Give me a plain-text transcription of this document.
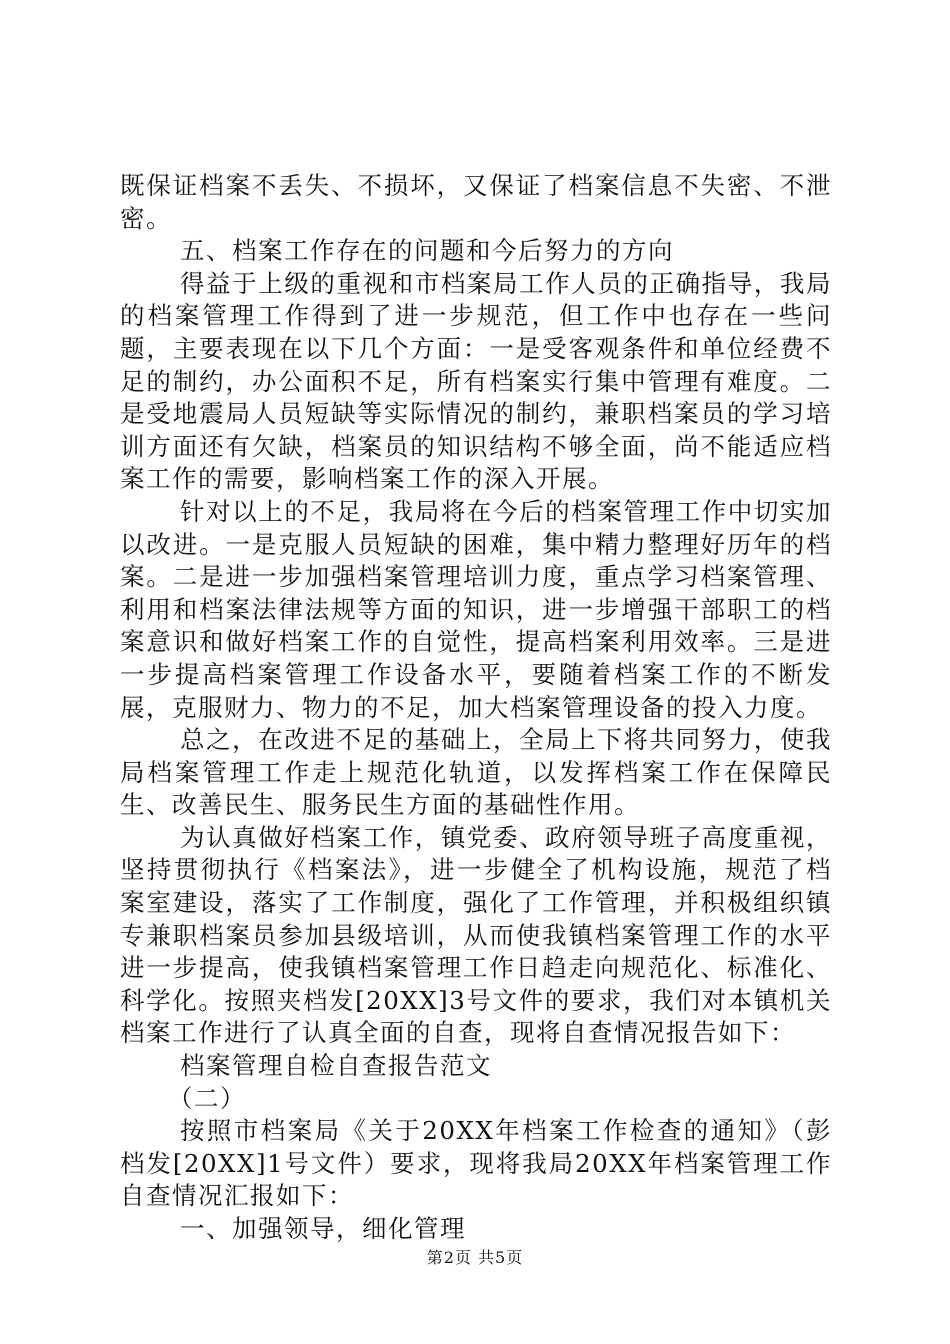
既保证档案不丢失、不损坏，又保证了档案信息不失密、不泄密。

五、档案工作存在的问题和今后努力的方向

得益于上级的重视和市档案局工作人员的正确指导，我局的档案管理工作得到了进一步规范，但工作中也存在一些问题，主要表现在以下几个方面：一是受客观条件和单位经费不足的制约，办公面积不足，所有档案实行集中管理有难度。二是受地震局人员短缺等实际情况的制约，兼职档案员的学习培训方面还有欠缺，档案员的知识结构不够全面，尚不能适应档案工作的需要，影响档案工作的深入开展。

针对以上的不足，我局将在今后的档案管理工作中切实加以改进。一是克服人员短缺的困难，集中精力整理好历年的档案。二是进一步加强档案管理培训力度，重点学习档案管理、利用和档案法律法规等方面的知识，进一步增强干部职工的档案意识和做好档案工作的自觉性，提高档案利用效率。三是进一步提高档案管理工作设备水平，要随着档案工作的不断发展，克服财力、物力的不足，加大档案管理设备的投入力度。

总之，在改进不足的基础上，全局上下将共同努力，使我局档案管理工作走上规范化轨道，以发挥档案工作在保障民生、改善民生、服务民生方面的基础性作用。

为认真做好档案工作，镇党委、政府领导班子高度重视，坚持贯彻执行《档案法》，进一步健全了机构设施，规范了档案室建设，落实了工作制度，强化了工作管理，并积极组织镇专兼职档案员参加县级培训，从而使我镇档案管理工作的水平进一步提高，使我镇档案管理工作日趋走向规范化、标准化、科学化。按照夹档发[20XX]3号文件的要求，我们对本镇机关档案工作进行了认真全面的自查，现将自查情况报告如下：

档案管理自检自查报告范文

（二）

按照市档案局《关于20XX年档案工作检查的通知》（彭档发[20XX]1号文件）要求，现将我局20XX年档案管理工作自查情况汇报如下：

一、加强领导，细化管理

第2页 共5页
